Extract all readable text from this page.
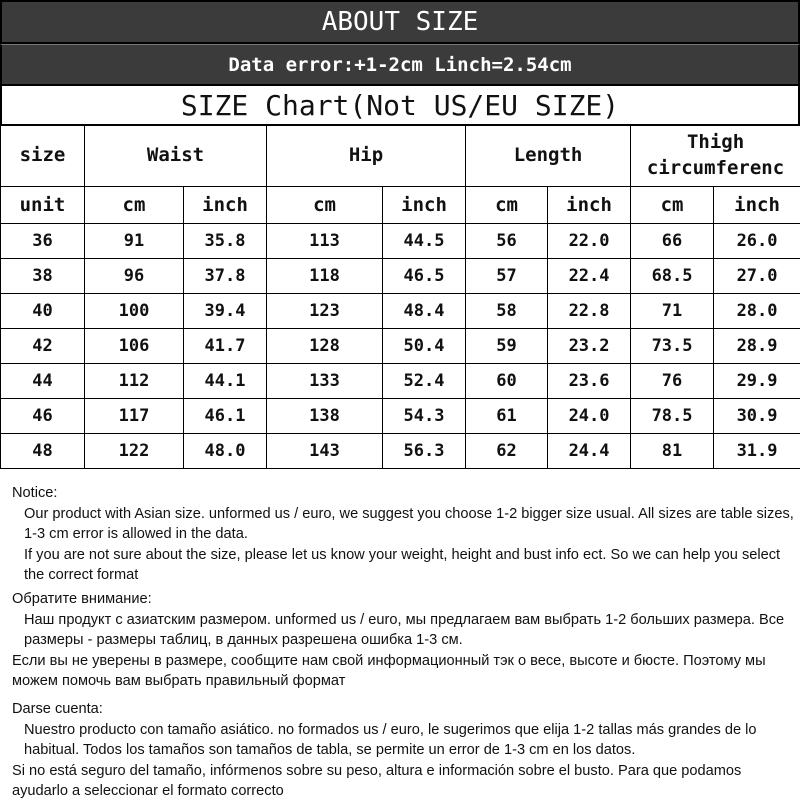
ABOUT SIZE
Data error:+1-2cm Linch=2.54cm
SIZE Chart(Not US/EU SIZE)
size	Waist		Hip		Length		Thigh
circumferenc	
unit	cm	inch	cm	inch	cm	inch	cm	inch
36	91	35.8	113	44.5	56	22.0	66	26.0
38	96	37.8	118	46.5	57	22.4	68.5	27.0
40	100	39.4	123	48.4	58	22.8	71	28.0
42	106	41.7	128	50.4	59	23.2	73.5	28.9
44	112	44.1	133	52.4	60	23.6	76	29.9
46	117	46.1	138	54.3	61	24.0	78.5	30.9
48	122	48.0	143	56.3	62	24.4	81	31.9
Notice:
Our product with Asian size. unformed us / euro, we suggest you choose 1-2 bigger size usual. All sizes are table sizes, 1-3 cm error is allowed in the data.
If you are not sure about the size, please let us know your weight, height and bust info ect. So we can help you select the correct format
Обратите внимание:
Наш продукт с азиатским размером. unformed us / euro, мы предлагаем вам выбрать 1-2 больших размера. Все размеры - размеры таблиц, в данных разрешена ошибка 1-3 см.
Если вы не уверены в размере, сообщите нам свой информационный тэк о весе, высоте и бюсте. Поэтому мы можем помочь вам выбрать правильный формат
Darse cuenta:
Nuestro producto con tamaño asiático. no formados us / euro, le sugerimos que elija 1-2 tallas más grandes de lo habitual. Todos los tamaños son tamaños de tabla, se permite un error de 1-3 cm en los datos.
Si no está seguro del tamaño, infórmenos sobre su peso, altura e información sobre el busto. Para que podamos ayudarlo a seleccionar el formato correcto
